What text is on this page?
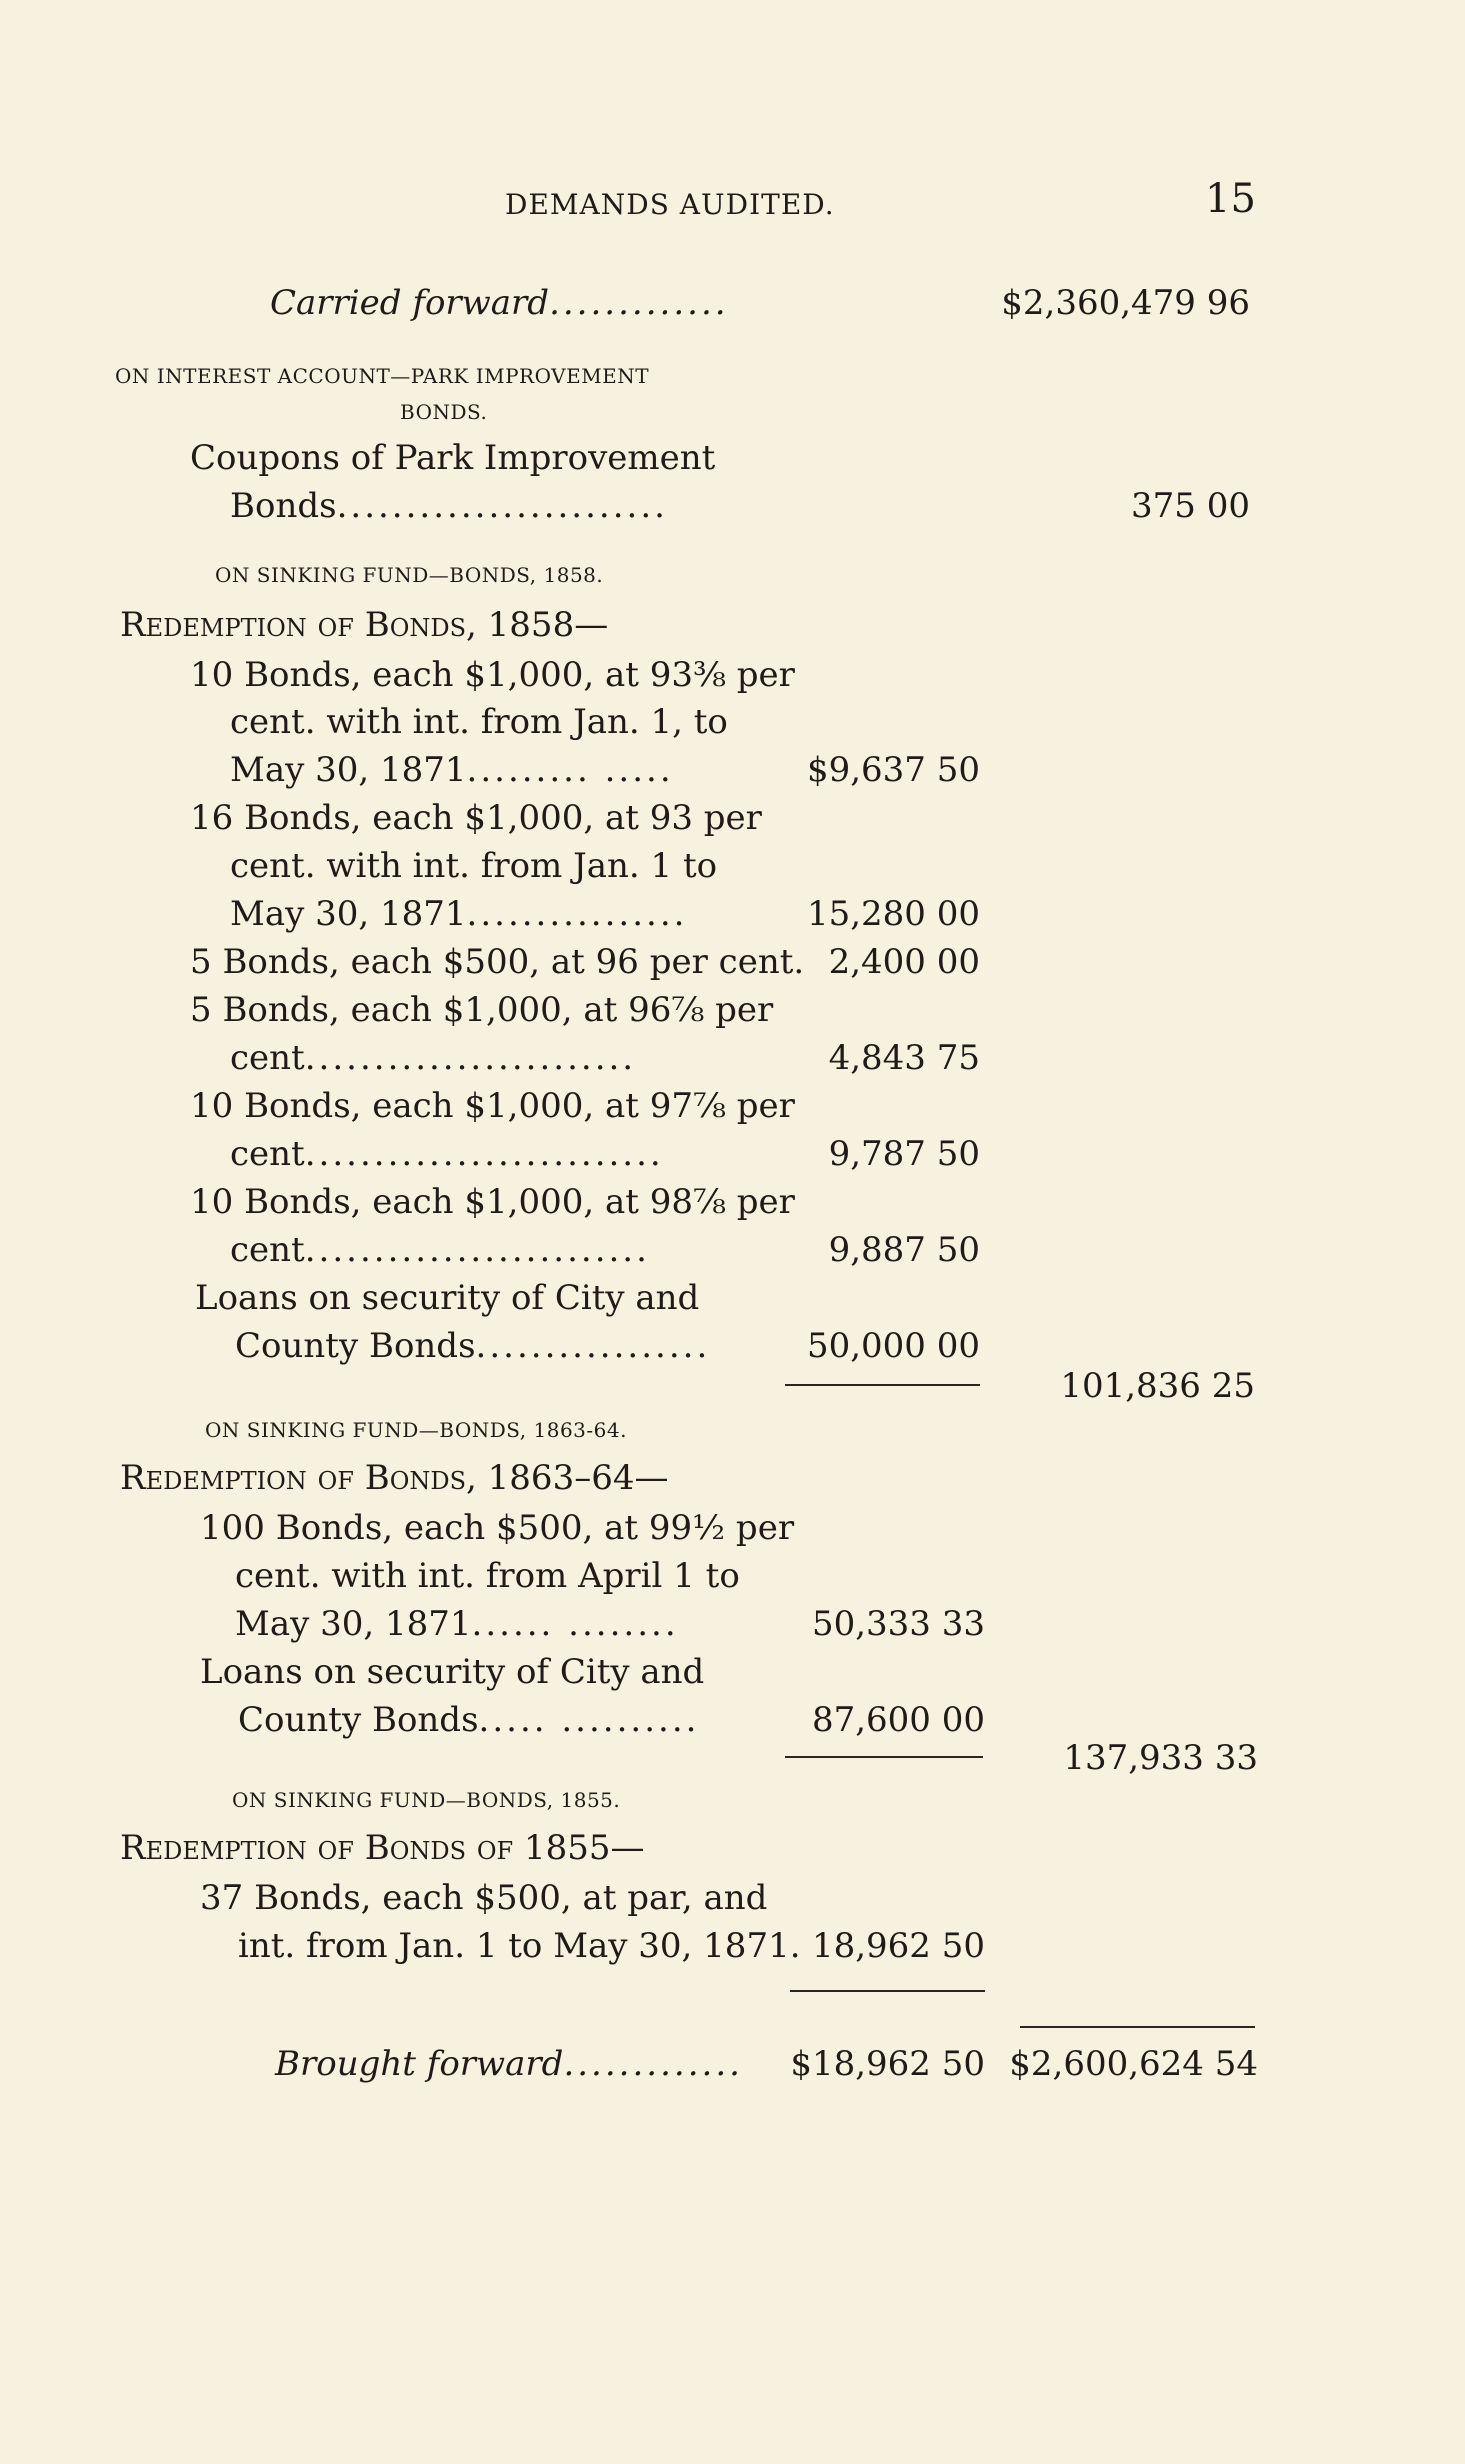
DEMANDS AUDITED.	15
Carried forward.............	$2,360,479 96
ON INTEREST ACCOUNT—PARK IMPROVEMENT
BONDS.
Coupons of Park Improvement
Bonds........................	375 00
ON SINKING FUND—BONDS, 1858.
Redemption of Bonds, 1858—
10 Bonds, each $1,000, at 93⅜ per
cent. with int. from Jan. 1, to
May 30, 1871......... .....	$9,637 50
16 Bonds, each $1,000, at 93 per
cent. with int. from Jan. 1 to
May 30, 1871................	15,280 00
5 Bonds, each $500, at 96 per cent. 2,400 00
5 Bonds, each $1,000, at 96⅞ per
cent........................	4,843 75
10 Bonds, each $1,000, at 97⅞ per
cent..........................	9,787 50
10 Bonds, each $1,000, at 98⅞ per
cent.........................	9,887 50
Loans on security of City and
County Bonds.................	50,000 00
101,836 25
ON SINKING FUND—BONDS, 1863-64.
Redemption of Bonds, 1863–64—
100 Bonds, each $500, at 99½ per
cent. with int. from April 1 to
May 30, 1871...... ........	50,333 33
Loans on security of City and
County Bonds..... ..........	87,600 00
137,933 33
ON SINKING FUND—BONDS, 1855.
Redemption of Bonds of 1855—
37 Bonds, each $500, at par, and
int. from Jan. 1 to May 30, 1871. 18,962 50
Brought forward.............	$18,962 50 $2,600,624 54
